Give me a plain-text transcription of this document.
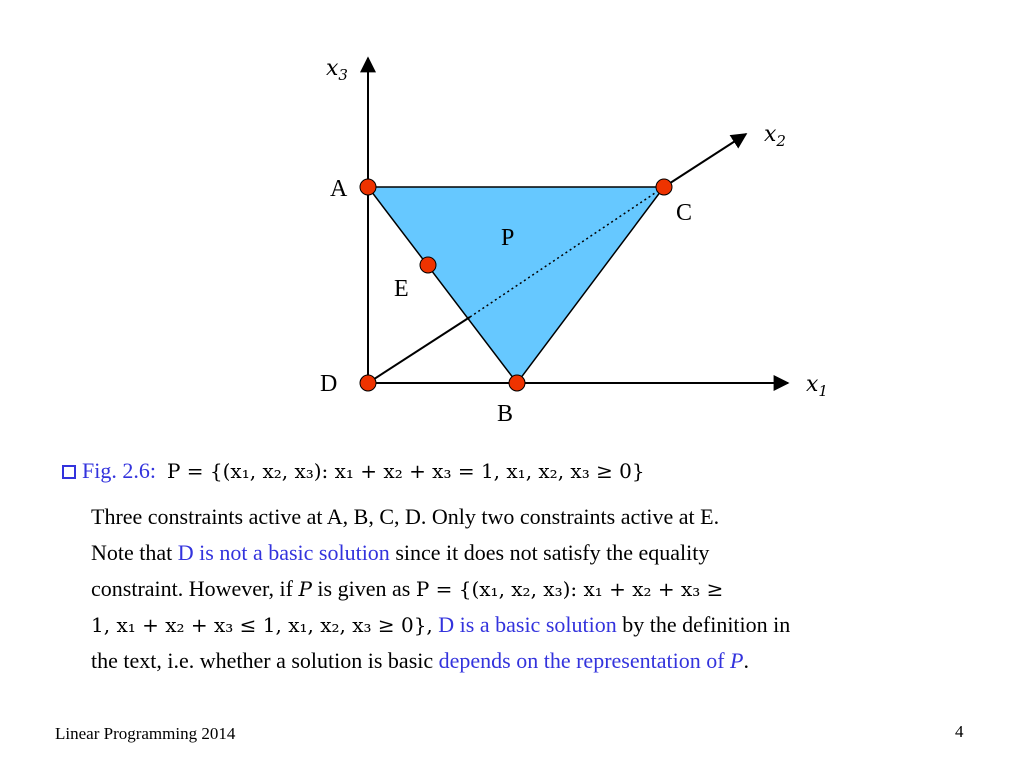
$x_3$
$x_2$
$x_1$
A
C
P
E
D
B
Fig. 2.6: P = {(x₁, x₂, x₃): x₁ + x₂ + x₃ = 1, x₁, x₂, x₃ ≥ 0}
Three constraints active at A, B, C, D. Only two constraints active at E.
Note that D is not a basic solution since it does not satisfy the equality
constraint. However, if P is given as P = {(x₁, x₂, x₃): x₁ + x₂ + x₃ ≥
1, x₁ + x₂ + x₃ ≤ 1, x₁, x₂, x₃ ≥ 0}, D is a basic solution by the definition in
the text, i.e. whether a solution is basic depends on the representation of P.
Linear Programming 2014	4
